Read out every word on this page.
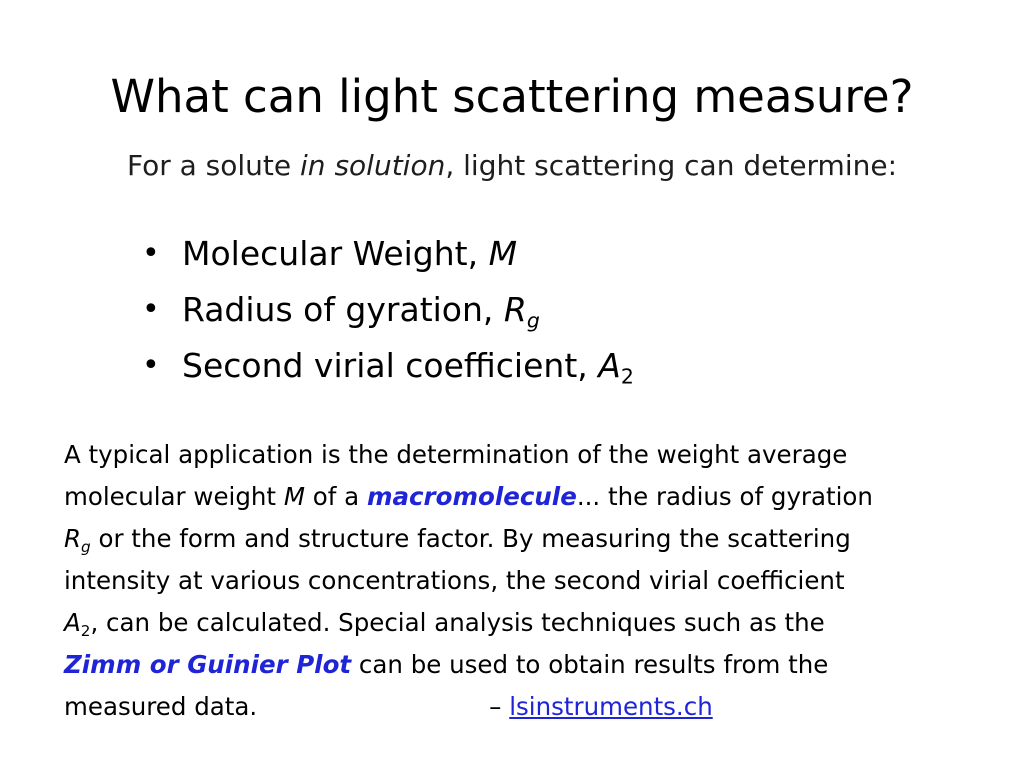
What can light scattering measure?
For a solute in solution, light scattering can determine:
• Molecular Weight, M
• Radius of gyration, $R_g$
• Second virial coefficient, $A_2$

A typical application is the determination of the weight average
molecular weight M of a macromolecule... the radius of gyration
$R_g$ or the form and structure factor. By measuring the scattering
intensity at various concentrations, the second virial coefficient
$A_2$, can be calculated. Special analysis techniques such as the
Zimm or Guinier Plot can be used to obtain results from the
measured data.	– lsinstruments.ch
